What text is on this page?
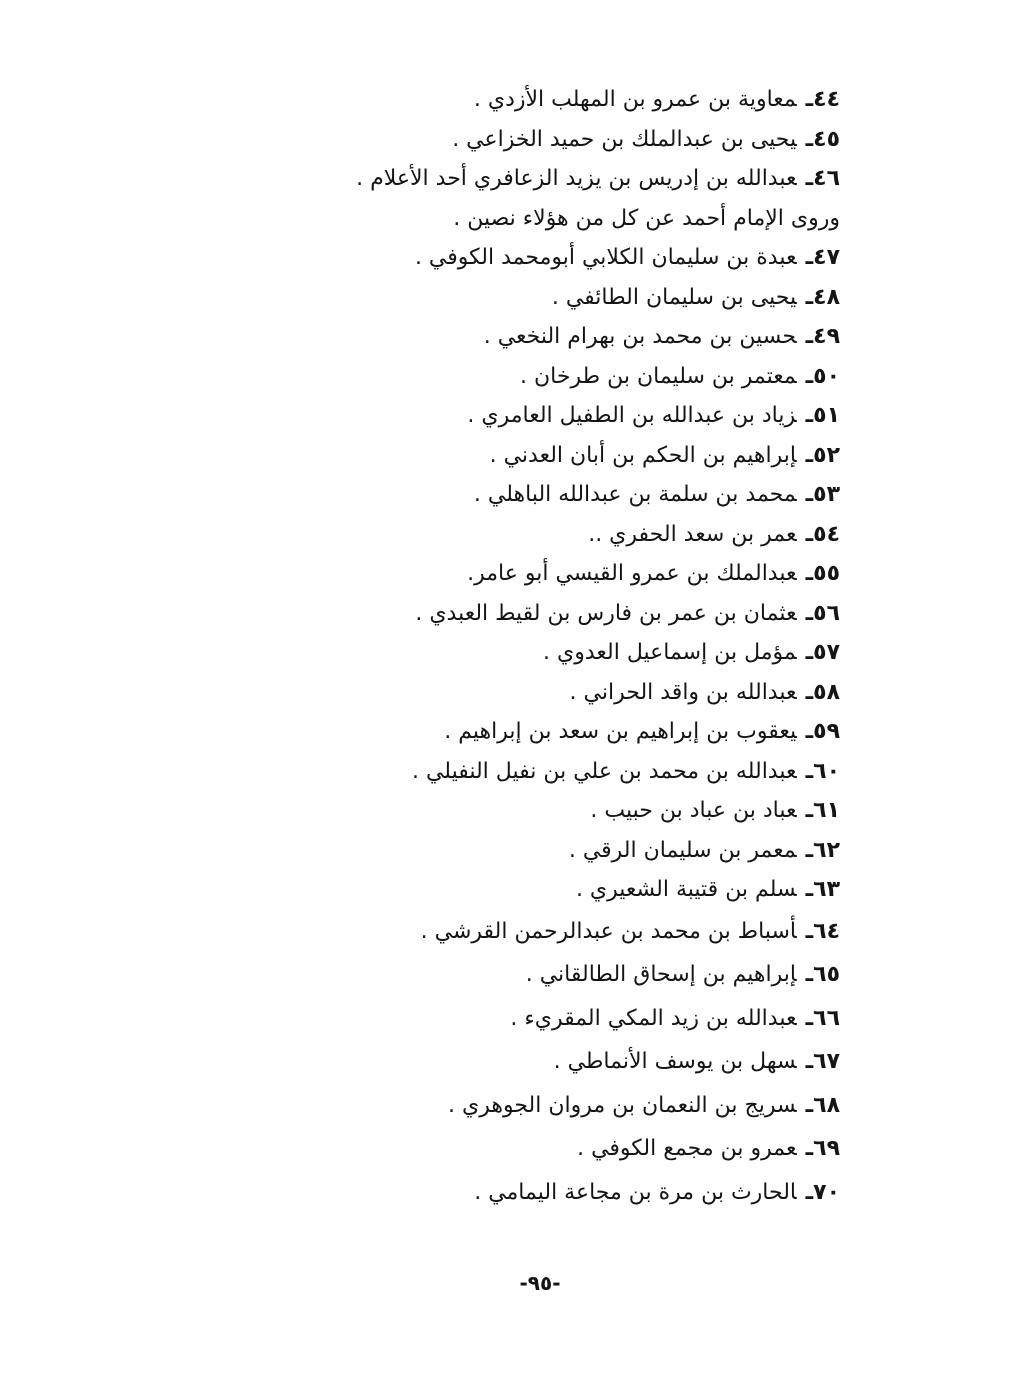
٤٤ـمعاوية بن عمرو بن المهلب الأزدي .
٤٥ـيحيى بن عبدالملك بن حميد الخزاعي .
٤٦ـعبدالله بن إدريس بن يزيد الزعافري أحد الأعلام .
وروى الإمام أحمد عن كل من هؤلاء نصين .
٤٧ـعبدة بن سليمان الكلابي أبومحمد الكوفي .
٤٨ـيحيى بن سليمان الطائفي .
٤٩ـحسين بن محمد بن بهرام النخعي .
٥٠ـمعتمر بن سليمان بن طرخان .
٥١ـزياد بن عبدالله بن الطفيل العامري .
٥٢ـإبراهيم بن الحكم بن أبان العدني .
٥٣ـمحمد بن سلمة بن عبدالله الباهلي .
٥٤ـعمر بن سعد الحفري ..
٥٥ـعبدالملك بن عمرو القيسي أبو عامر.
٥٦ـعثمان بن عمر بن فارس بن لقيط العبدي .
٥٧ـمؤمل بن إسماعيل العدوي .
٥٨ـعبدالله بن واقد الحراني .
٥٩ـيعقوب بن إبراهيم بن سعد بن إبراهيم .
٦٠ـعبدالله بن محمد بن علي بن نفيل النفيلي .
٦١ـعباد بن عباد بن حبيب .
٦٢ـمعمر بن سليمان الرقي .
٦٣ـسلم بن قتيبة الشعيري .
٦٤ـأسباط بن محمد بن عبدالرحمن القرشي .
٦٥ـإبراهيم بن إسحاق الطالقاني .
٦٦ـعبدالله بن زيد المكي المقريء .
٦٧ـسهل بن يوسف الأنماطي .
٦٨ـسريج بن النعمان بن مروان الجوهري .
٦٩ـعمرو بن مجمع الكوفي .
٧٠ـالحارث بن مرة بن مجاعة اليمامي .
-٩٥-
